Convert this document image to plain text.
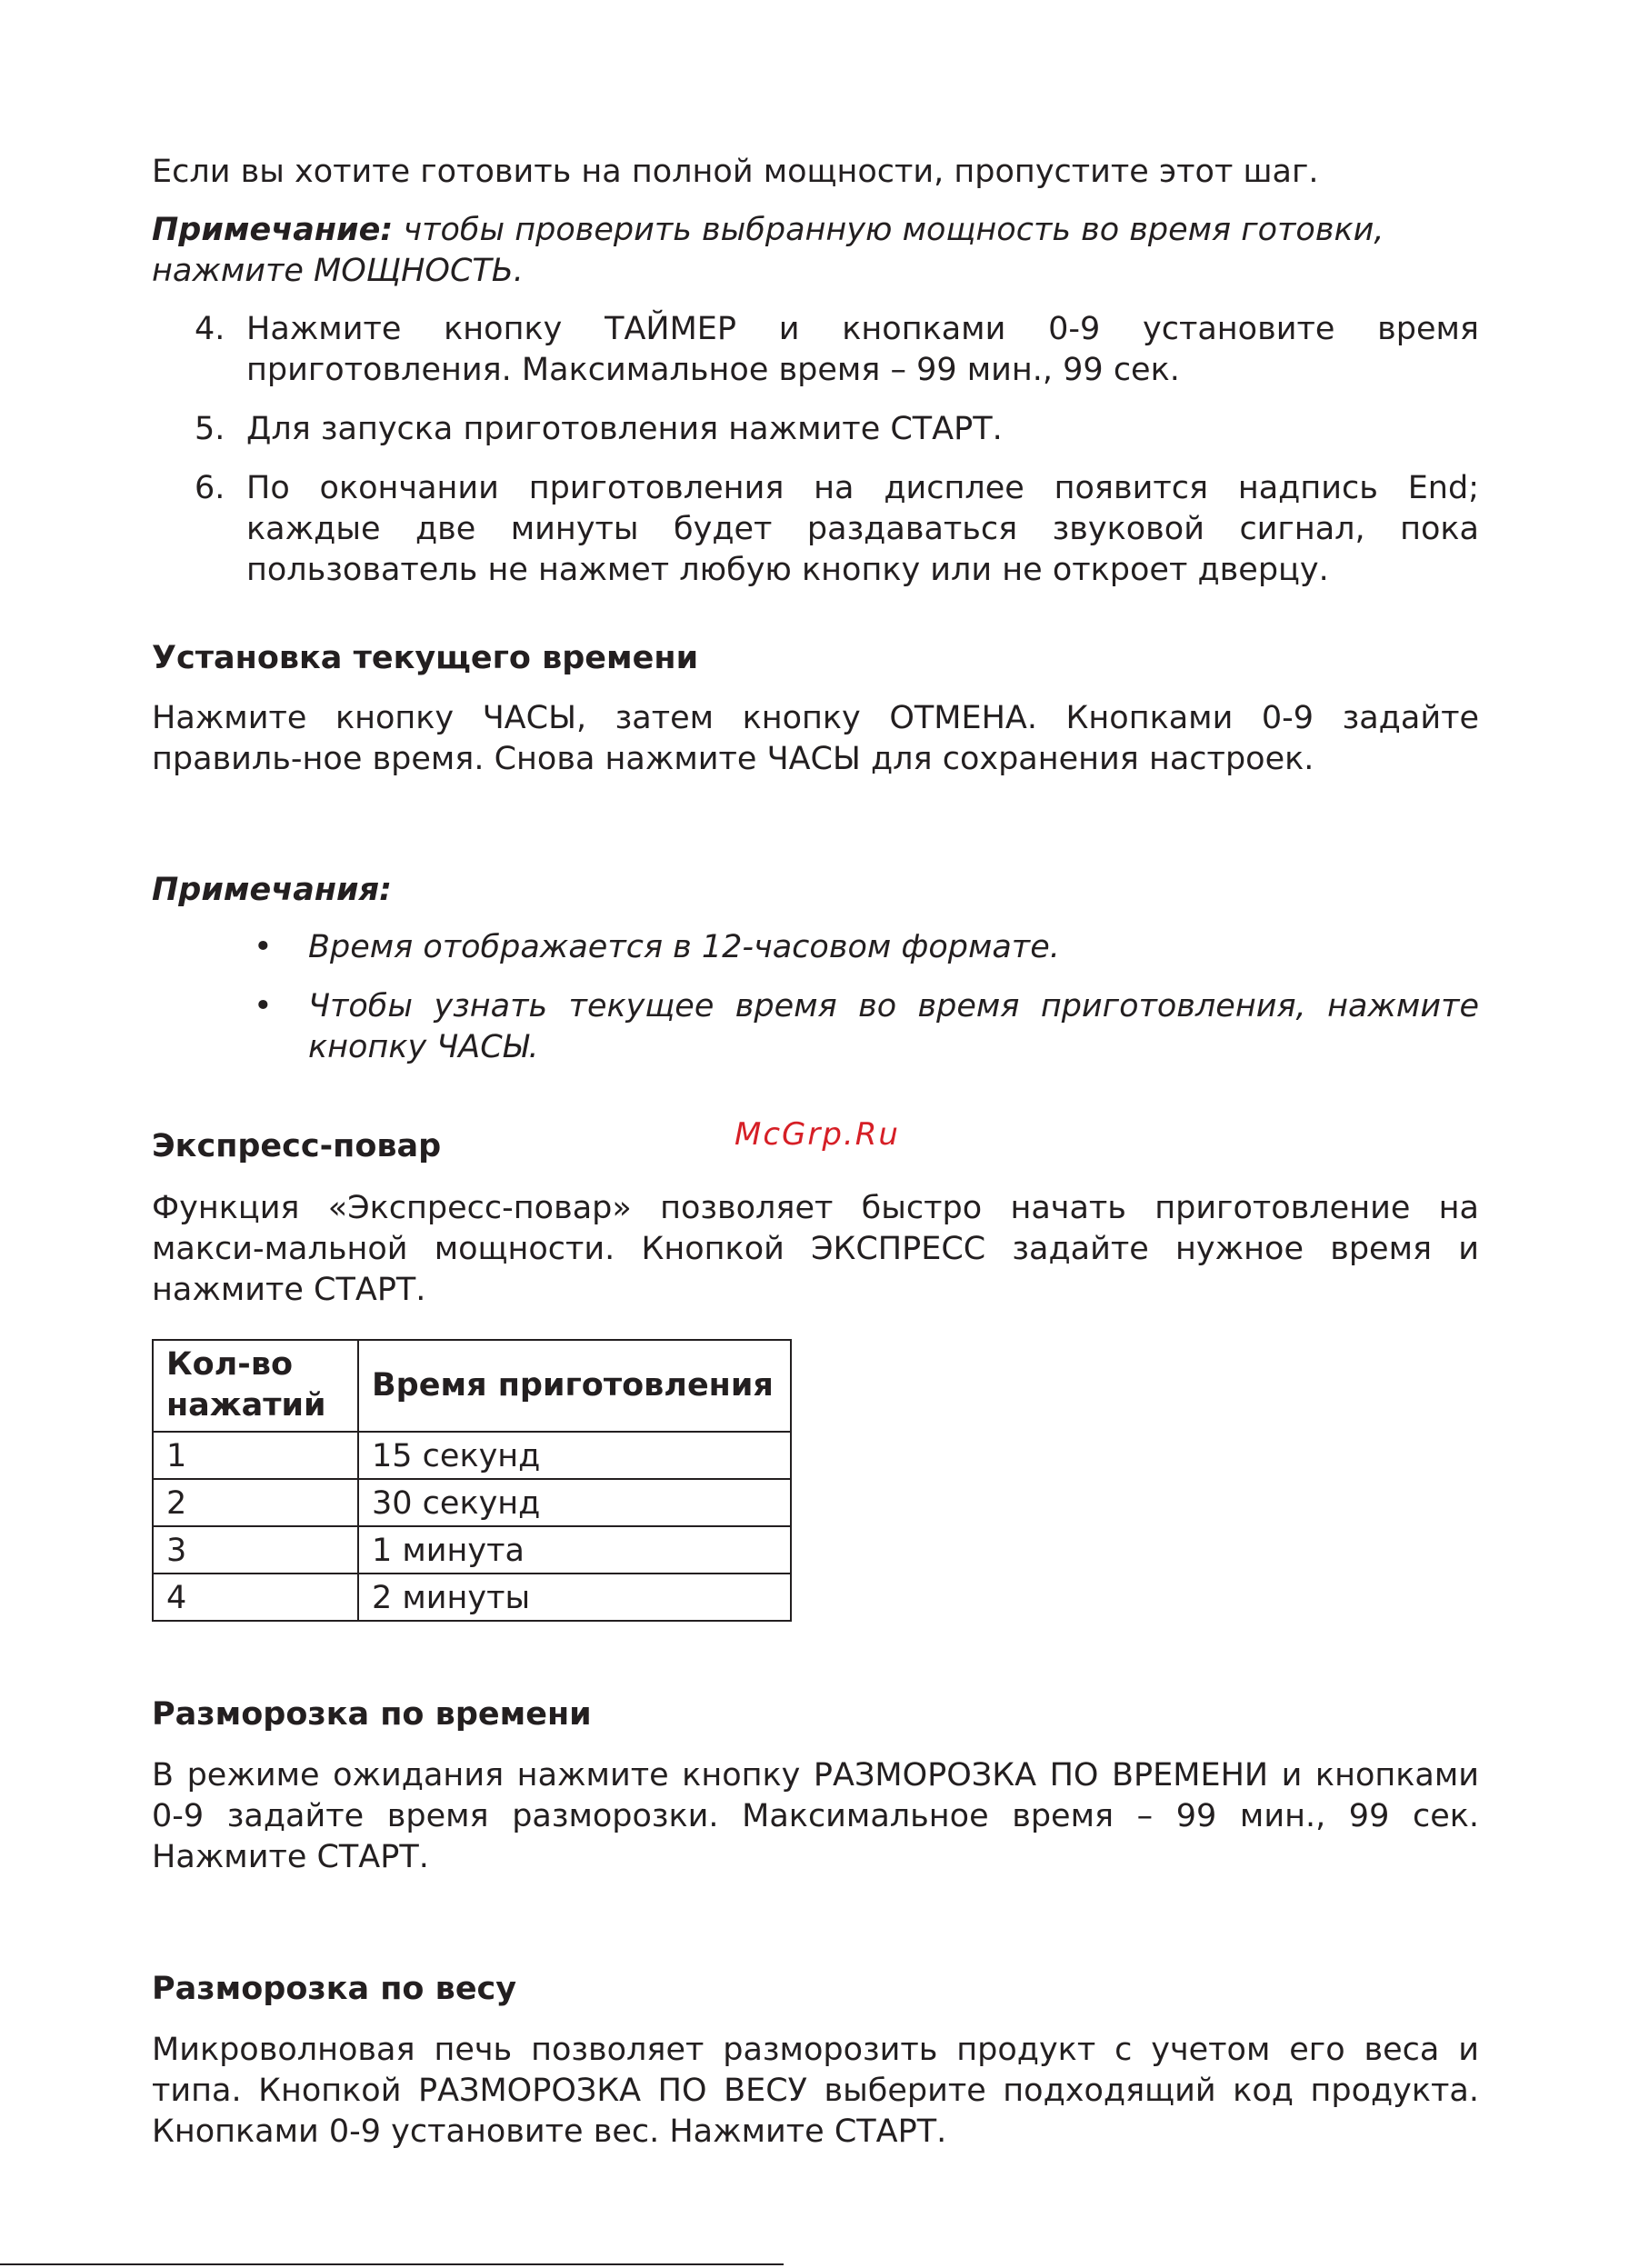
Если вы хотите готовить на полной мощности, пропустите этот шаг.

Примечание: чтобы проверить выбранную мощность во время готовки, нажмите МОЩНОСТЬ.

4. Нажмите кнопку ТАЙМЕР и кнопками 0-9 установите время приготовления. Максимальное время – 99 мин., 99 сек.
5. Для запуска приготовления нажмите СТАРТ.
6. По окончании приготовления на дисплее появится надпись End; каждые две минуты будет раздаваться звуковой сигнал, пока пользователь не нажмет любую кнопку или не откроет дверцу.
Установка текущего времени

Нажмите кнопку ЧАСЫ, затем кнопку ОТМЕНА. Кнопками 0-9 задайте правиль-ное время. Снова нажмите ЧАСЫ для сохранения настроек.

Примечания:

• Время отображается в 12-часовом формате.
• Чтобы узнать текущее время во время приготовления, нажмите кнопку ЧАСЫ.
Экспресс-повар

Функция «Экспресс-повар» позволяет быстро начать приготовление на макси-мальной мощности. Кнопкой ЭКСПРЕСС задайте нужное время и нажмите СТАРТ.

Кол-во нажатий	Время приготовления
1	15 секунд
2	30 секунд
3	1 минута
4	2 минуты
Разморозка по времени

В режиме ожидания нажмите кнопку РАЗМОРОЗКА ПО ВРЕМЕНИ и кнопками 0-9 задайте время разморозки. Максимальное время – 99 мин., 99 сек. Нажмите СТАРТ.

Разморозка по весу

Микроволновая печь позволяет разморозить продукт с учетом его веса и типа. Кнопкой РАЗМОРОЗКА ПО ВЕСУ выберите подходящий код продукта. Кнопками 0-9 установите вес. Нажмите СТАРТ.

McGrp.Ru
